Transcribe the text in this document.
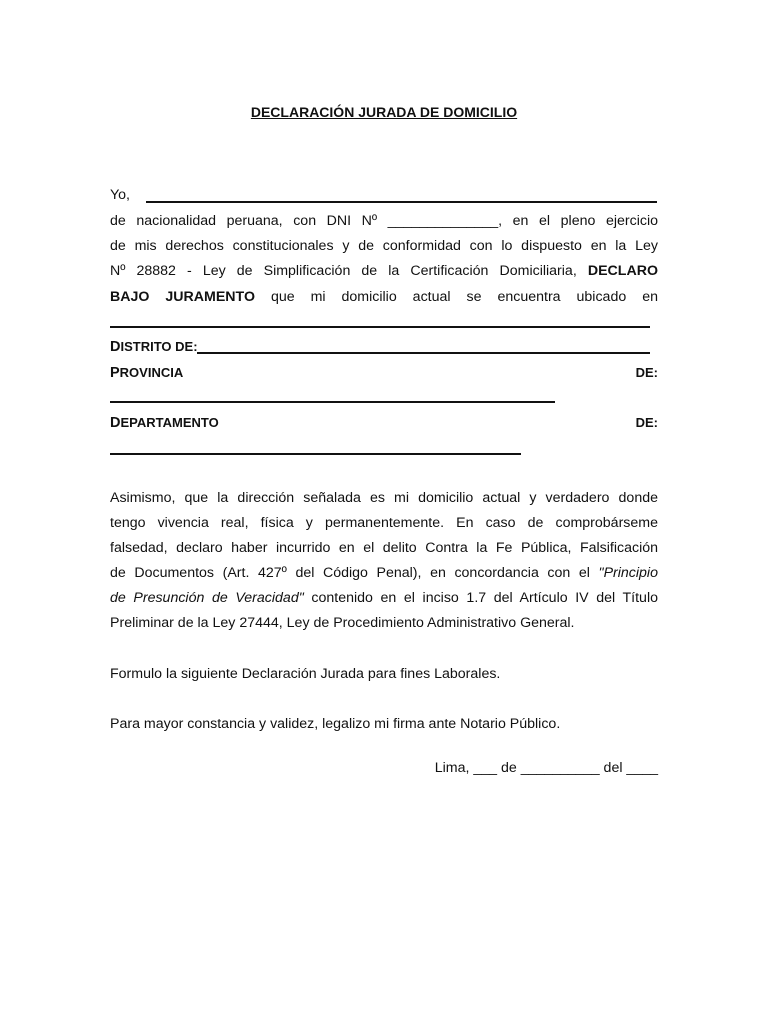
DECLARACIÓN JURADA DE DOMICILIO
Yo,
de nacionalidad peruana, con DNI Nº ______________, en el pleno ejercicio
de mis derechos constitucionales y de conformidad con lo dispuesto en la Ley
Nº 28882 - Ley de Simplificación de la Certificación Domiciliaria, DECLARO
BAJO JURAMENTO que mi domicilio actual se encuentra ubicado en
DISTRITO DE:
PROVINCIA	DE:
DEPARTAMENTO	DE:
Asimismo, que la dirección señalada es mi domicilio actual y verdadero donde
tengo vivencia real, física y permanentemente. En caso de comprobárseme
falsedad, declaro haber incurrido en el delito Contra la Fe Pública, Falsificación
de Documentos (Art. 427º del Código Penal), en concordancia con el "Principio
de Presunción de Veracidad" contenido en el inciso 1.7 del Artículo IV del Título
Preliminar de la Ley 27444, Ley de Procedimiento Administrativo General.
Formulo la siguiente Declaración Jurada para fines Laborales.
Para mayor constancia y validez, legalizo mi firma ante Notario Público.
Lima, ___ de __________ del ____
